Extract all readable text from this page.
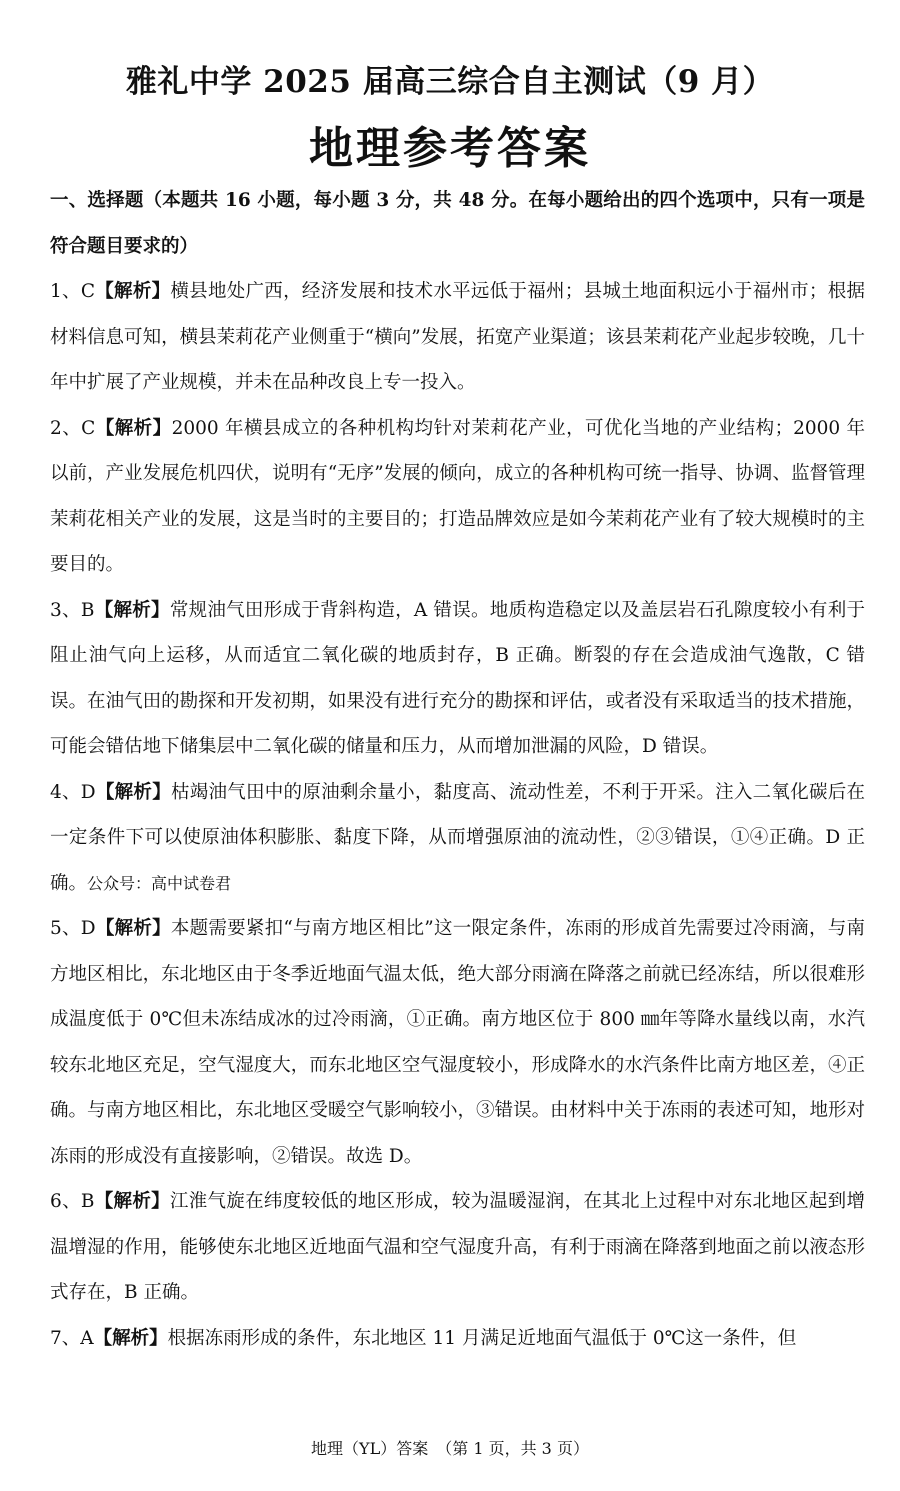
雅礼中学 2025 届高三综合自主测试（9 月）
地理参考答案

一、选择题（本题共 16 小题，每小题 3 分，共 48 分。在每小题给出的四个选项中，只有一项是符合题目要求的）

1、C【解析】横县地处广西，经济发展和技术水平远低于福州；县城土地面积远小于福州市；根据材料信息可知，横县茉莉花产业侧重于“横向”发展，拓宽产业渠道；该县茉莉花产业起步较晚，几十年中扩展了产业规模，并未在品种改良上专一投入。

2、C【解析】2000 年横县成立的各种机构均针对茉莉花产业，可优化当地的产业结构；2000 年以前，产业发展危机四伏，说明有“无序”发展的倾向，成立的各种机构可统一指导、协调、监督管理茉莉花相关产业的发展，这是当时的主要目的；打造品牌效应是如今茉莉花产业有了较大规模时的主要目的。

3、B【解析】常规油气田形成于背斜构造，A 错误。地质构造稳定以及盖层岩石孔隙度较小有利于阻止油气向上运移，从而适宜二氧化碳的地质封存，B 正确。断裂的存在会造成油气逸散，C 错误。在油气田的勘探和开发初期，如果没有进行充分的勘探和评估，或者没有采取适当的技术措施，可能会错估地下储集层中二氧化碳的储量和压力，从而增加泄漏的风险，D 错误。

4、D【解析】枯竭油气田中的原油剩余量小，黏度高、流动性差，不利于开采。注入二氧化碳后在一定条件下可以使原油体积膨胀、黏度下降，从而增强原油的流动性，②③错误，①④正确。D 正确。公众号：高中试卷君

5、D【解析】本题需要紧扣“与南方地区相比”这一限定条件，冻雨的形成首先需要过冷雨滴，与南方地区相比，东北地区由于冬季近地面气温太低，绝大部分雨滴在降落之前就已经冻结，所以很难形成温度低于 0℃但未冻结成冰的过冷雨滴，①正确。南方地区位于 800 ㎜年等降水量线以南，水汽较东北地区充足，空气湿度大，而东北地区空气湿度较小，形成降水的水汽条件比南方地区差，④正确。与南方地区相比，东北地区受暖空气影响较小，③错误。由材料中关于冻雨的表述可知，地形对冻雨的形成没有直接影响，②错误。故选 D。

6、B【解析】江淮气旋在纬度较低的地区形成，较为温暖湿润，在其北上过程中对东北地区起到增温增湿的作用，能够使东北地区近地面气温和空气湿度升高，有利于雨滴在降落到地面之前以液态形式存在，B 正确。

7、A【解析】根据冻雨形成的条件，东北地区 11 月满足近地面气温低于 0℃这一条件，但

地理（YL）答案　（第 1 页，共 3 页）
